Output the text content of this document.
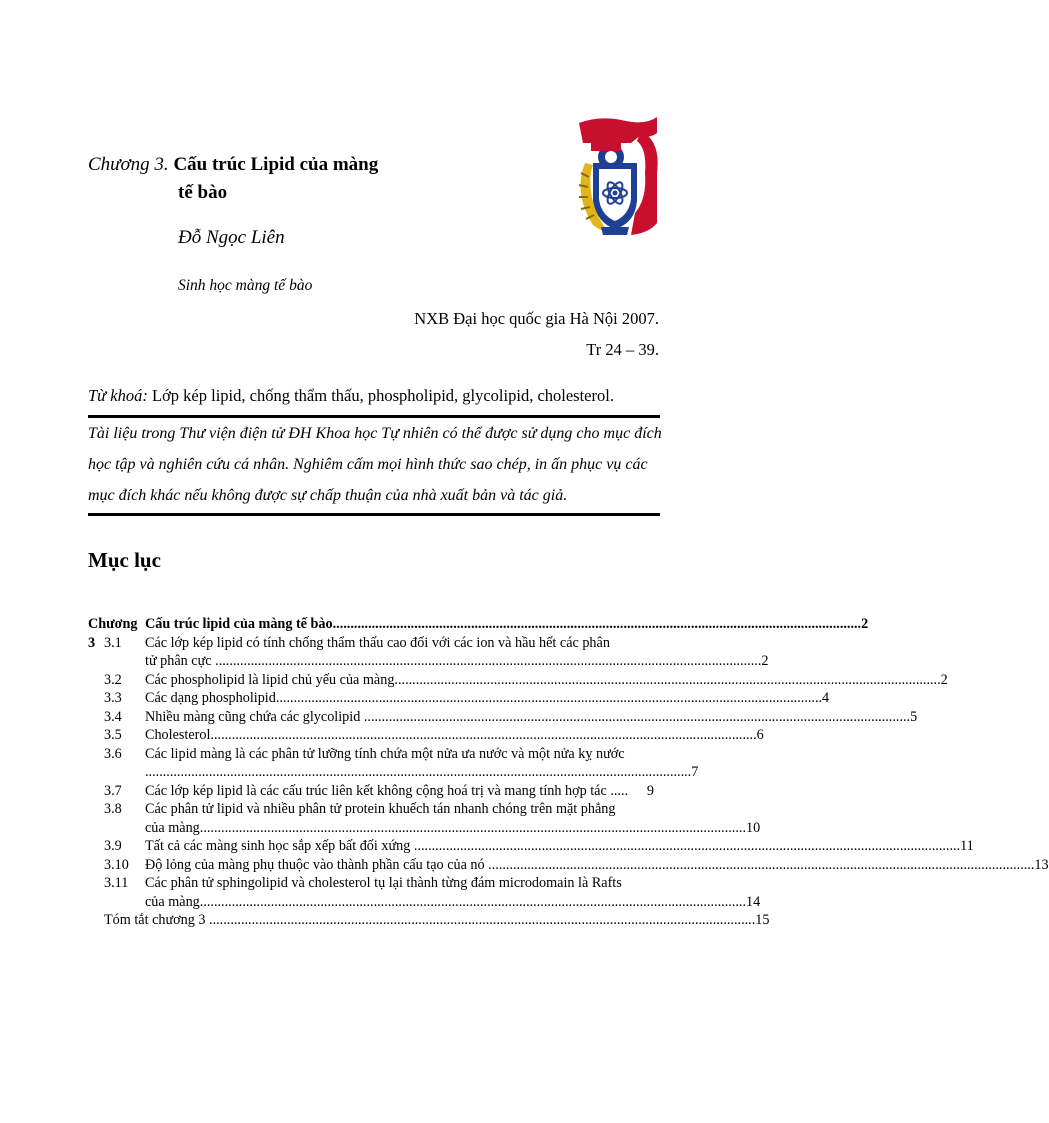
Chương 3. Cấu trúc Lipid của màng
tế bào
Đỗ Ngọc Liên
Sinh học màng tế bào
NXB Đại học quốc gia Hà Nội 2007.
Tr 24 – 39.
Từ khoá: Lớp kép lipid, chống thẩm thấu, phospholipid, glycolipid, cholesterol.
Tài liệu trong Thư viện điện tử ĐH Khoa học Tự nhiên có thể được sử dụng cho mục đích học tập và nghiên cứu cá nhân. Nghiêm cấm mọi hình thức sao chép, in ấn phục vụ các mục đích khác nếu không được sự chấp thuận của nhà xuất bản và tác giả.
Mục lục
Chương 3
Cấu trúc lipid của màng tế bào..................................................................................................................................................... 2
3.1	Các lớp kép lipid có tính chống thẩm thấu cao đối với các ion và hầu hết các phân
tử phân cực .......................................................................................................................................................... 2
3.2	Các phospholipid là lipid chủ yếu của màng.......................................................................................................................................................... 2
3.3	Các dạng phospholipid.......................................................................................................................................................... 4
3.4	Nhiều màng cũng chứa các glycolipid .......................................................................................................................................................... 5
3.5	Cholesterol.......................................................................................................................................................... 6
3.6	Các lipid màng là các phân tử lưỡng tính chứa một nửa ưa nước và một nửa kỵ nước
.......................................................................................................................................................... 7
3.7	Các lớp kép lipid là các cấu trúc liên kết không cộng hoá trị và mang tính hợp tác .....	9
3.8	Các phân tử lipid và nhiều phân tử protein khuếch tán nhanh chóng trên mặt phẳng
của màng.......................................................................................................................................................... 10
3.9	Tất cả các màng sinh học sắp xếp bất đối xứng .......................................................................................................................................................... 11
3.10	Độ lỏng của màng phụ thuộc vào thành phần cấu tạo của nó .......................................................................................................................................................... 13
3.11	Các phân tử sphingolipid và cholesterol tụ lại thành từng đám microdomain là Rafts
của màng.......................................................................................................................................................... 14
Tóm tắt chương 3 .......................................................................................................................................................... 15
